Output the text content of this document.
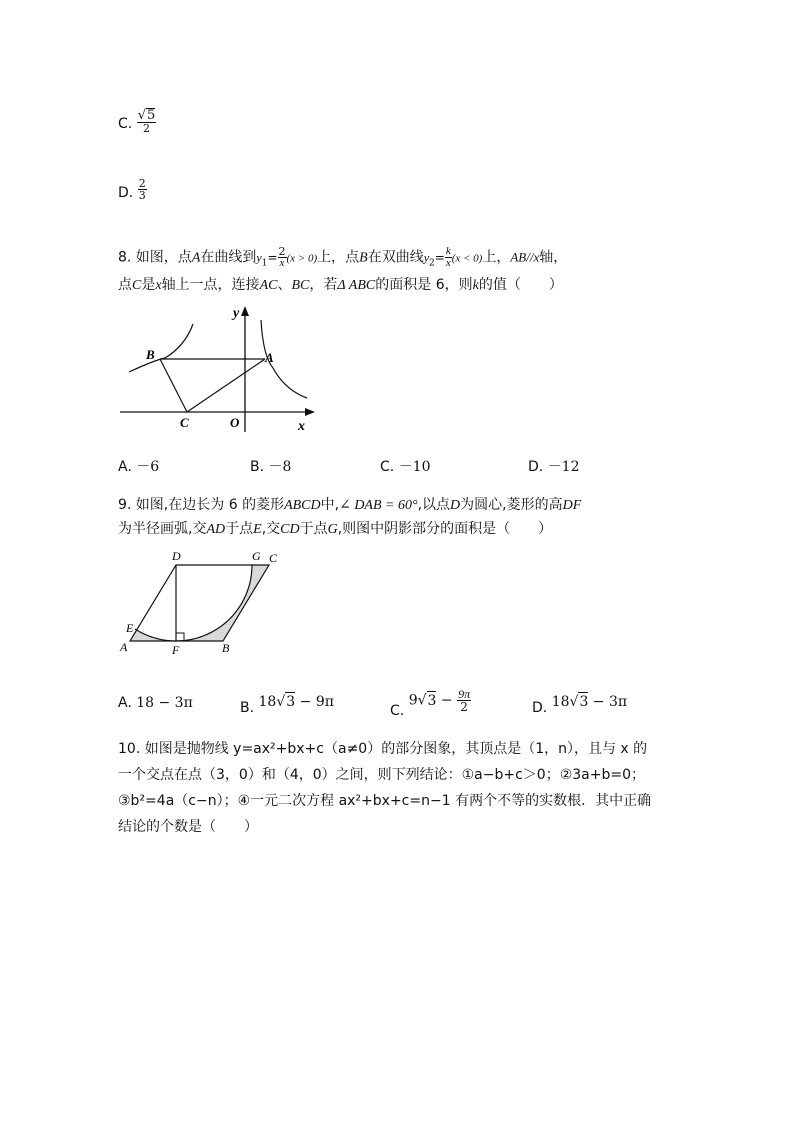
C. $\frac{√5}{2}$
D. $\frac{2}{3}$
8. 如图，点A在曲线到$y_1= \frac{2}{x} (x > 0)$上，点B在双曲线$y_2= \frac{k}{x} (x < 0)$上，AB//x轴，
点C是x轴上一点，连接AC、BC，若Δ ABC的面积是 6，则k的值（　　）
y
x
O
B	A
C
A. －6	B. －8	C. －10	D. －12
9. 如图,在边长为 6 的菱形ABCD中,∠ DAB = 60°,以点D为圆心,菱形的高DF
为半径画弧,交AD于点E,交CD于点G,则图中阴影部分的面积是（　　）
D	G C
E
A	F	B
A. 18 − 3π	B. 18√3 − 9π
C. $9√3 - \frac{9\pi}{2}$	D. 18√3 − 3π
10. 如图是抛物线 y=ax²+bx+c（a≠0）的部分图象，其顶点是（1，n），且与 x 的
一个交点在点（3，0）和（4，0）之间，则下列结论：①a−b+c＞0；②3a+b=0；
③b²=4a（c−n）；④一元二次方程 ax²+bx+c=n−1 有两个不等的实数根．其中正确
结论的个数是（　　）
